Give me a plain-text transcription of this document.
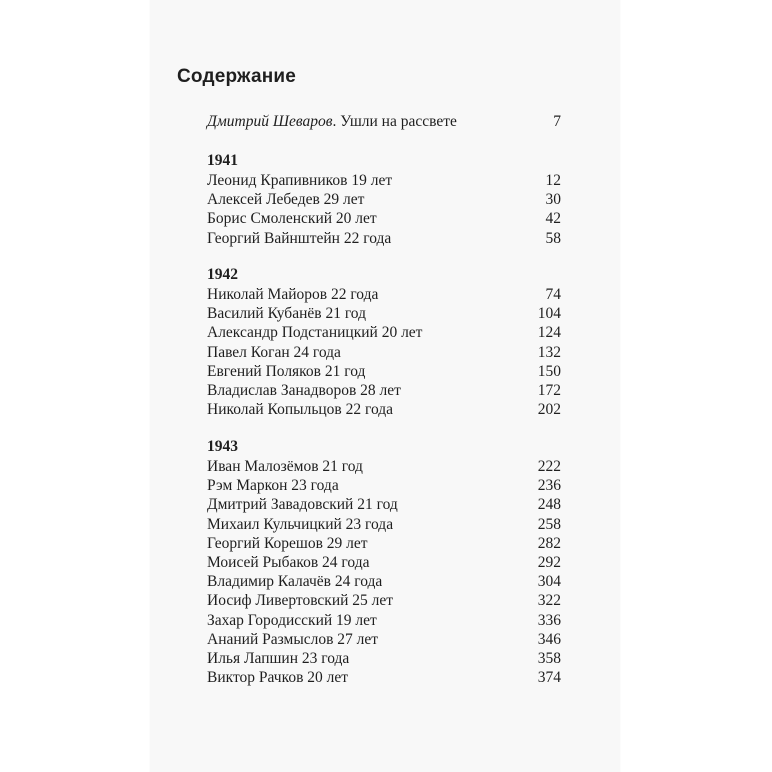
Содержание
Дмитрий Шеваров. Ушли на рассвете	7
1941
Леонид Крапивников 19 лет	12
Алексей Лебедев 29 лет	30
Борис Смоленский 20 лет	42
Георгий Вайнштейн 22 года	58
1942
Николай Майоров 22 года	74
Василий Кубанёв 21 год	104
Александр Подстаницкий 20 лет	124
Павел Коган 24 года	132
Евгений Поляков 21 год	150
Владислав Занадворов 28 лет	172
Николай Копыльцов 22 года	202
1943
Иван Малозёмов 21 год	222
Рэм Маркон 23 года	236
Дмитрий Завадовский 21 год	248
Михаил Кульчицкий 23 года	258
Георгий Корешов 29 лет	282
Моисей Рыбаков 24 года	292
Владимир Калачёв 24 года	304
Иосиф Ливертовский 25 лет	322
Захар Городисский 19 лет	336
Ананий Размыслов 27 лет	346
Илья Лапшин 23 года	358
Виктор Рачков 20 лет	374
